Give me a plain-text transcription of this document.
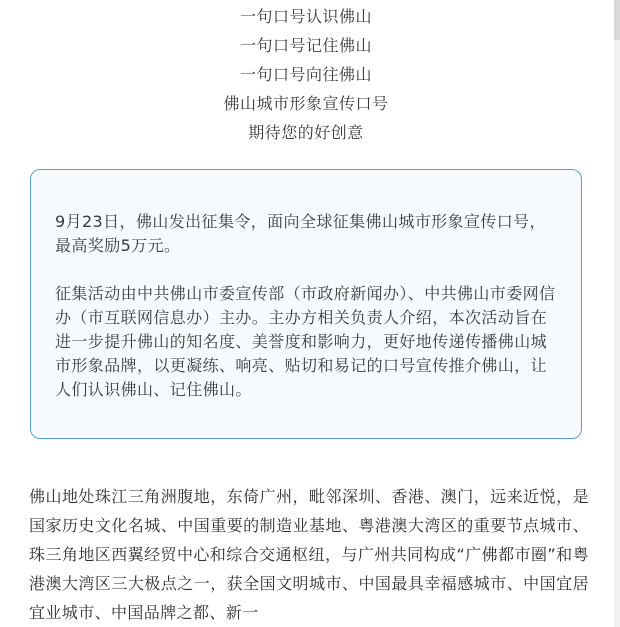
一句口号认识佛山
一句口号记住佛山
一句口号向往佛山
佛山城市形象宣传口号
期待您的好创意

9月23日，佛山发出征集令，面向全球征集佛山城市形象宣传口号，最高奖励5万元。

征集活动由中共佛山市委宣传部（市政府新闻办）、中共佛山市委网信办（市互联网信息办）主办。主办方相关负责人介绍，本次活动旨在进一步提升佛山的知名度、美誉度和影响力，更好地传递传播佛山城市形象品牌，以更凝练、响亮、贴切和易记的口号宣传推介佛山，让人们认识佛山、记住佛山。

佛山地处珠江三角洲腹地，东倚广州，毗邻深圳、香港、澳门，远来近悦，是国家历史文化名城、中国重要的制造业基地、粤港澳大湾区的重要节点城市、珠三角地区西翼经贸中心和综合交通枢纽，与广州共同构成“广佛都市圈”和粤港澳大湾区三大极点之一，获全国文明城市、中国最具幸福感城市、中国宜居宜业城市、中国品牌之都、新一
